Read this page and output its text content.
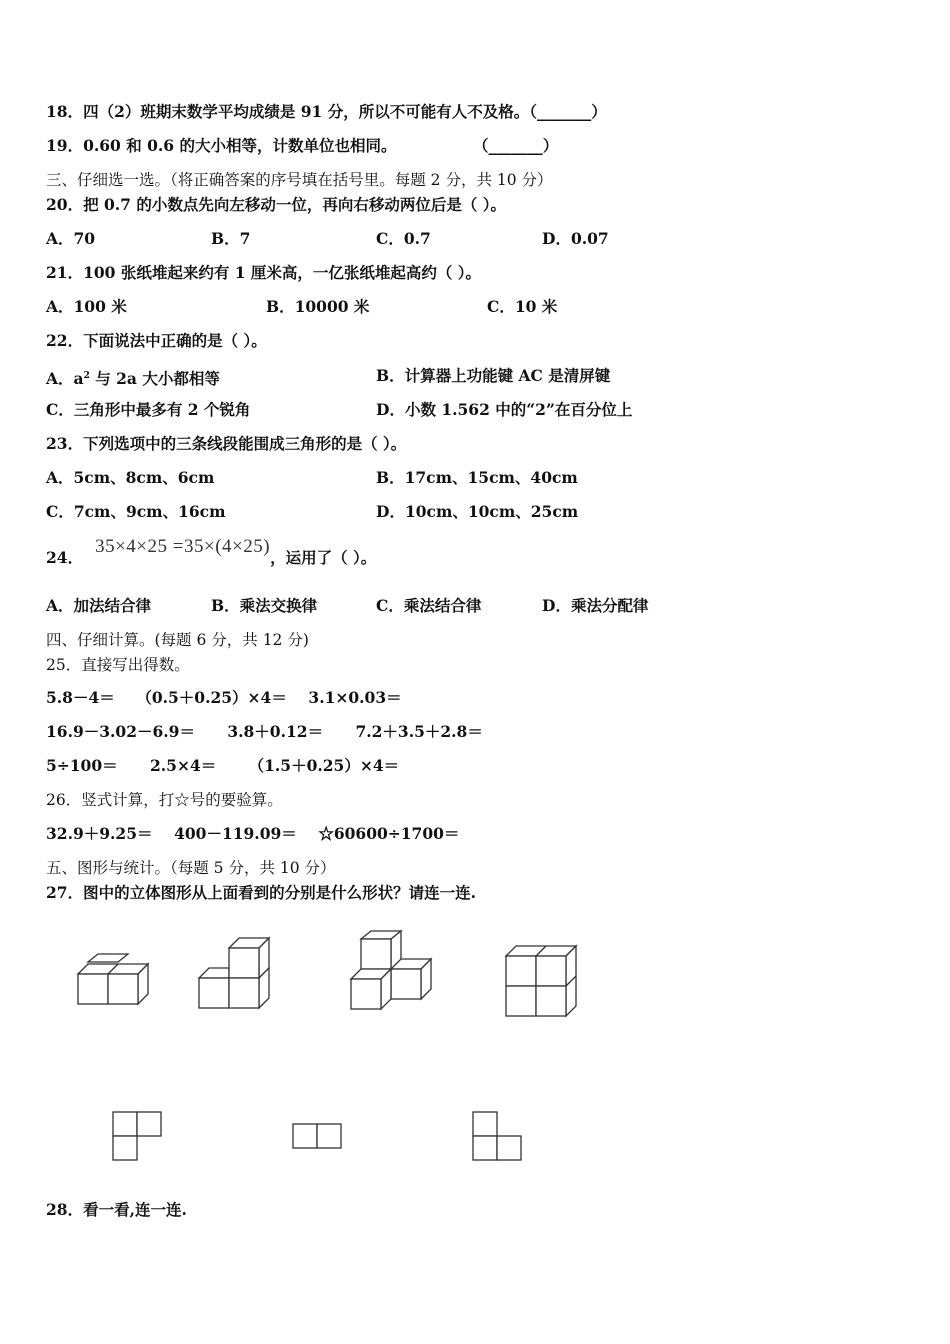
18．四（2）班期末数学平均成绩是 91 分，所以不可能有人不及格。（_______）
19．0.60 和 0.6 的大小相等，计数单位也相同。	（_______）
三、仔细选一选。（将正确答案的序号填在括号里。每题 2 分，共 10 分）
20．把 0.7 的小数点先向左移动一位，再向右移动两位后是（ ）。
A．70	B．7	C．0.7	D．0.07
21．100 张纸堆起来约有 1 厘米高，一亿张纸堆起高约（ ）。
A．100 米	B．10000 米	C．10 米
22．下面说法中正确的是（ ）。
A．$a^2$ 与 2a 大小都相等	B．计算器上功能键 AC 是清屏键
C．三角形中最多有 2 个锐角	D．小数 1.562 中的“2”在百分位上
23．下列选项中的三条线段能围成三角形的是（ ）。
A．5cm、8cm、6cm	B．17cm、15cm、40cm
C．7cm、9cm、16cm	D．10cm、10cm、25cm
24．35×4×25 =35×(4×25)，运用了（ ）。
A．加法结合律	B．乘法交换律	C．乘法结合律	D．乘法分配律
四、仔细计算。(每题 6 分，共 12 分)
25．直接写出得数。
5.8－4＝    （0.5＋0.25）×4＝    3.1×0.03＝
16.9－3.02－6.9＝      3.8＋0.12＝      7.2＋3.5＋2.8＝
5÷100＝      2.5×4＝      （1.5＋0.25）×4＝
26．竖式计算，打☆号的要验算。
32.9＋9.25＝    400－119.09＝    ☆60600÷1700＝
五、图形与统计。（每题 5 分，共 10 分）
27．图中的立体图形从上面看到的分别是什么形状？请连一连.
28．看一看,连一连.
